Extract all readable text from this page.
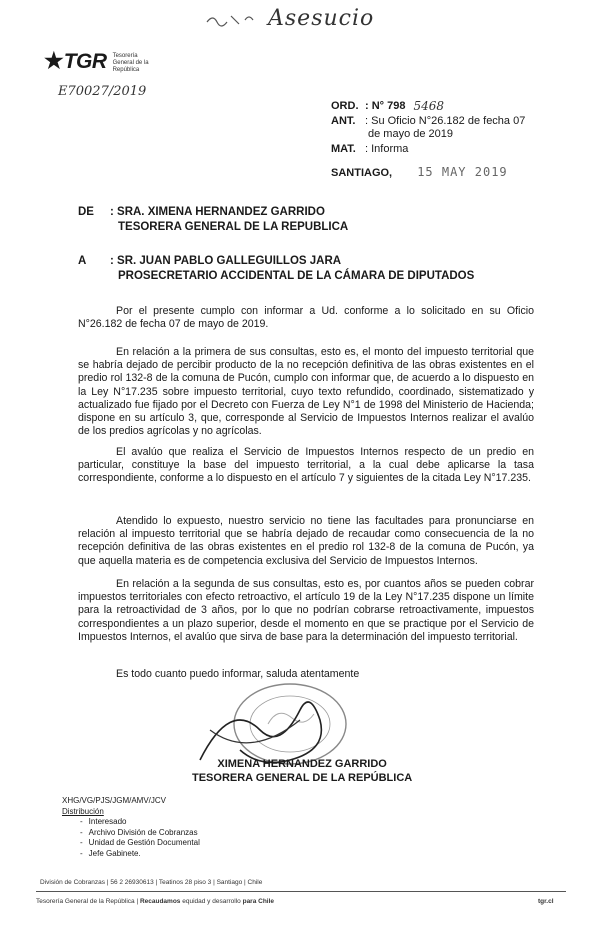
Asesucio
★ TGR Tesorería
General de la
República
E70027/2019
ORD. : N° 798 5468
ANT. : Su Oficio N°26.182 de fecha 07
de mayo de 2019
MAT. : Informa
SANTIAGO, 15 MAY 2019
DE : SRA. XIMENA HERNANDEZ GARRIDO
TESORERA GENERAL DE LA REPUBLICA
A : SR. JUAN PABLO GALLEGUILLOS JARA
PROSECRETARIO ACCIDENTAL DE LA CÁMARA DE DIPUTADOS
Por el presente cumplo con informar a Ud. conforme a lo solicitado en su Oficio N°26.182 de fecha 07 de mayo de 2019.
En relación a la primera de sus consultas, esto es, el monto del impuesto territorial que se habría dejado de percibir producto de la no recepción definitiva de las obras existentes en el predio rol 132-8 de la comuna de Pucón, cumplo con informar que, de acuerdo a lo dispuesto en la Ley N°17.235 sobre impuesto territorial, cuyo texto refundido, coordinado, sistematizado y actualizado fue fijado por el Decreto con Fuerza de Ley N°1 de 1998 del Ministerio de Hacienda; dispone en su artículo 3, que, corresponde al Servicio de Impuestos Internos realizar el avalúo de los predios agrícolas y no agrícolas.
El avalúo que realiza el Servicio de Impuestos Internos respecto de un predio en particular, constituye la base del impuesto territorial, a la cual debe aplicarse la tasa correspondiente, conforme a lo dispuesto en el artículo 7 y siguientes de la citada Ley N°17.235.
Atendido lo expuesto, nuestro servicio no tiene las facultades para pronunciarse en relación al impuesto territorial que se habría dejado de recaudar como consecuencia de la no recepción definitiva de las obras existentes en el predio rol 132-8 de la comuna de Pucón, ya que aquella materia es de competencia exclusiva del Servicio de Impuestos Internos.
En relación a la segunda de sus consultas, esto es, por cuantos años se pueden cobrar impuestos territoriales con efecto retroactivo, el artículo 19 de la Ley N°17.235 dispone un límite para la retroactividad de 3 años, por lo que no podrían cobrarse retroactivamente, impuestos correspondientes a un plazo superior, desde el momento en que se practique por el Servicio de Impuestos Internos, el avalúo que sirva de base para la determinación del impuesto territorial.
Es todo cuanto puedo informar, saluda atentamente
XIMENA HERNANDEZ GARRIDO
TESORERA GENERAL DE LA REPÚBLICA
XHG/VG/PJS/JGM/AMV/JCV
Distribución
- Interesado
- Archivo División de Cobranzas
- Unidad de Gestión Documental
- Jefe Gabinete.
División de Cobranzas | 56 2 26930613 | Teatinos 28 piso 3 | Santiago | Chile
Tesorería General de la República | Recaudamos equidad y desarrollo para Chile	tgr.cl
